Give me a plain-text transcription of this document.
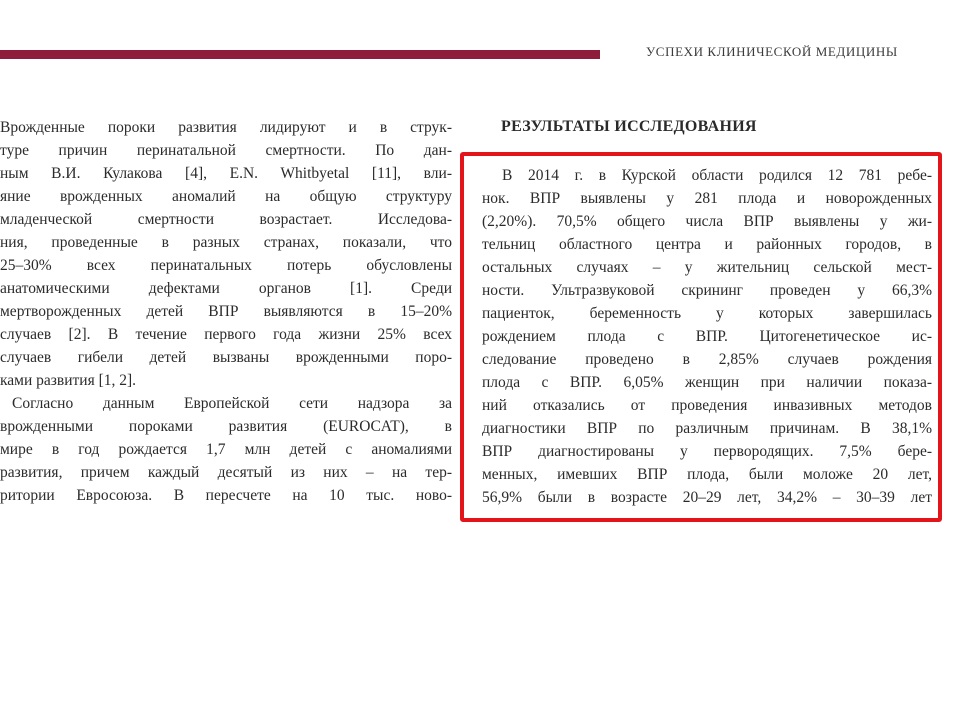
УСПЕХИ КЛИНИЧЕСКОЙ МЕДИЦИНЫ
Врожденные пороки развития лидируют и в струк-
туре причин перинатальной смертности. По дан-
ным В.И. Кулакова [4], E.N. Whitbyetal [11], вли-
яние врожденных аномалий на общую структуру
младенческой смертности возрастает. Исследова-
ния, проведенные в разных странах, показали, что
25–30% всех перинатальных потерь обусловлены
анатомическими дефектами органов [1]. Среди
мертворожденных детей ВПР выявляются в 15–20%
случаев [2]. В течение первого года жизни 25% всех
случаев гибели детей вызваны врожденными поро-
ками развития [1, 2].
Согласно данным Европейской сети надзора за
врожденными пороками развития (EUROCAT), в
мире в год рождается 1,7 млн детей с аномалиями
развития, причем каждый десятый из них – на тер-
ритории Евросоюза. В пересчете на 10 тыс. ново-
РЕЗУЛЬТАТЫ ИССЛЕДОВАНИЯ
В 2014 г. в Курской области родился 12 781 ребе-
нок. ВПР выявлены у 281 плода и новорожденных
(2,20%). 70,5% общего числа ВПР выявлены у жи-
тельниц областного центра и районных городов, в
остальных случаях – у жительниц сельской мест-
ности. Ультразвуковой скрининг проведен у 66,3%
пациенток, беременность у которых завершилась
рождением плода с ВПР. Цитогенетическое ис-
следование проведено в 2,85% случаев рождения
плода с ВПР. 6,05% женщин при наличии показа-
ний отказались от проведения инвазивных методов
диагностики ВПР по различным причинам. В 38,1%
ВПР диагностированы у первородящих. 7,5% бере-
менных, имевших ВПР плода, были моложе 20 лет,
56,9% были в возрасте 20–29 лет, 34,2% – 30–39 лет
